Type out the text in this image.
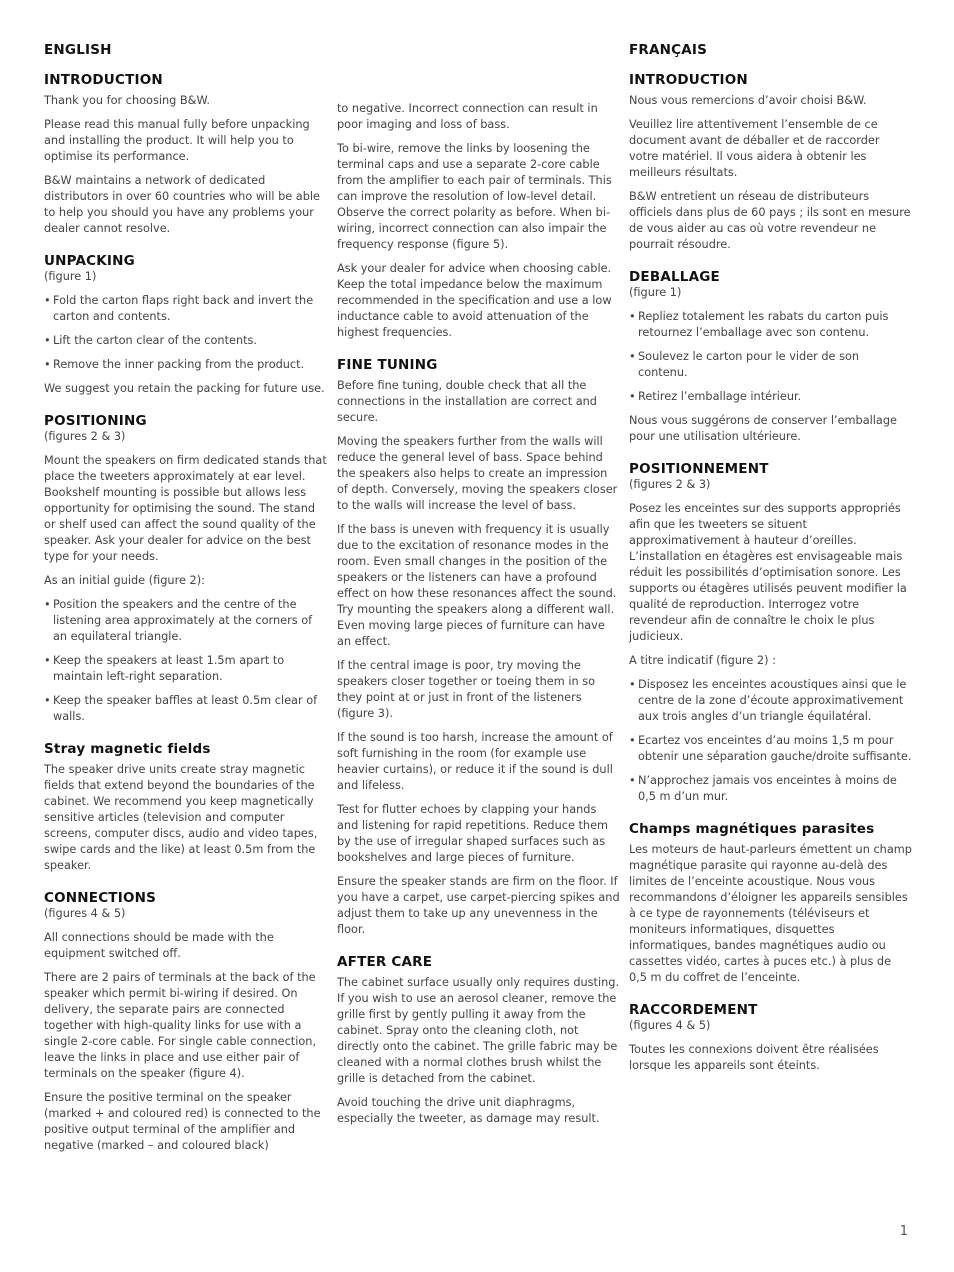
ENGLISH
INTRODUCTION

Thank you for choosing B&W.

Please read this manual fully before unpacking and installing the product. It will help you to optimise its performance.

B&W maintains a network of dedicated distributors in over 60 countries who will be able to help you should you have any problems your dealer cannot resolve.

UNPACKING
(figure 1)
• Fold the carton flaps right back and invert the carton and contents.
• Lift the carton clear of the contents.
• Remove the inner packing from the product.

We suggest you retain the packing for future use.

POSITIONING
(figures 2 & 3)

Mount the speakers on firm dedicated stands that place the tweeters approximately at ear level. Bookshelf mounting is possible but allows less opportunity for optimising the sound. The stand or shelf used can affect the sound quality of the speaker. Ask your dealer for advice on the best type for your needs.

As an initial guide (figure 2):

• Position the speakers and the centre of the listening area approximately at the corners of an equilateral triangle.
• Keep the speakers at least 1.5m apart to maintain left-right separation.
• Keep the speaker baffles at least 0.5m clear of walls.
Stray magnetic fields

The speaker drive units create stray magnetic fields that extend beyond the boundaries of the cabinet. We recommend you keep magnetically sensitive articles (television and computer screens, computer discs, audio and video tapes, swipe cards and the like) at least 0.5m from the speaker.

CONNECTIONS
(figures 4 & 5)

All connections should be made with the equipment switched off.

There are 2 pairs of terminals at the back of the speaker which permit bi-wiring if desired. On delivery, the separate pairs are connected together with high-quality links for use with a single 2-core cable. For single cable connection, leave the links in place and use either pair of terminals on the speaker (figure 4).

Ensure the positive terminal on the speaker (marked + and coloured red) is connected to the positive output terminal of the amplifier and negative (marked – and coloured black)

to negative. Incorrect connection can result in poor imaging and loss of bass.

To bi-wire, remove the links by loosening the terminal caps and use a separate 2-core cable from the amplifier to each pair of terminals. This can improve the resolution of low-level detail. Observe the correct polarity as before. When bi-wiring, incorrect connection can also impair the frequency response (figure 5).

Ask your dealer for advice when choosing cable. Keep the total impedance below the maximum recommended in the specification and use a low inductance cable to avoid attenuation of the highest frequencies.

FINE TUNING

Before fine tuning, double check that all the connections in the installation are correct and secure.

Moving the speakers further from the walls will reduce the general level of bass. Space behind the speakers also helps to create an impression of depth. Conversely, moving the speakers closer to the walls will increase the level of bass.

If the bass is uneven with frequency it is usually due to the excitation of resonance modes in the room. Even small changes in the position of the speakers or the listeners can have a profound effect on how these resonances affect the sound. Try mounting the speakers along a different wall. Even moving large pieces of furniture can have an effect.

If the central image is poor, try moving the speakers closer together or toeing them in so they point at or just in front of the listeners (figure 3).

If the sound is too harsh, increase the amount of soft furnishing in the room (for example use heavier curtains), or reduce it if the sound is dull and lifeless.

Test for flutter echoes by clapping your hands and listening for rapid repetitions. Reduce them by the use of irregular shaped surfaces such as bookshelves and large pieces of furniture.

Ensure the speaker stands are firm on the floor. If you have a carpet, use carpet-piercing spikes and adjust them to take up any unevenness in the floor.

AFTER CARE

The cabinet surface usually only requires dusting. If you wish to use an aerosol cleaner, remove the grille first by gently pulling it away from the cabinet. Spray onto the cleaning cloth, not directly onto the cabinet. The grille fabric may be cleaned with a normal clothes brush whilst the grille is detached from the cabinet.

Avoid touching the drive unit diaphragms, especially the tweeter, as damage may result.

FRANÇAIS
INTRODUCTION

Nous vous remercions d’avoir choisi B&W.

Veuillez lire attentivement l’ensemble de ce document avant de déballer et de raccorder votre matériel. Il vous aidera à obtenir les meilleurs résultats.

B&W entretient un réseau de distributeurs officiels dans plus de 60 pays ; ils sont en mesure de vous aider au cas où votre revendeur ne pourrait résoudre.

DEBALLAGE
(figure 1)
• Repliez totalement les rabats du carton puis retournez l’emballage avec son contenu.
• Soulevez le carton pour le vider de son contenu.
• Retirez l’emballage intérieur.

Nous vous suggérons de conserver l’emballage pour une utilisation ultérieure.

POSITIONNEMENT
(figures 2 & 3)

Posez les enceintes sur des supports appropriés afin que les tweeters se situent approximativement à hauteur d’oreilles. L’installation en étagères est envisageable mais réduit les possibilités d’optimisation sonore. Les supports ou étagères utilisés peuvent modifier la qualité de reproduction. Interrogez votre revendeur afin de connaître le choix le plus judicieux.

A titre indicatif (figure 2) :

• Disposez les enceintes acoustiques ainsi que le centre de la zone d’écoute approximativement aux trois angles d’un triangle équilatéral.
• Ecartez vos enceintes d’au moins 1,5 m pour obtenir une séparation gauche/droite suffisante.
• N’approchez jamais vos enceintes à moins de 0,5 m d’un mur.
Champs magnétiques parasites

Les moteurs de haut-parleurs émettent un champ magnétique parasite qui rayonne au-delà des limites de l’enceinte acoustique. Nous vous recommandons d’éloigner les appareils sensibles à ce type de rayonnements (téléviseurs et moniteurs informatiques, disquettes informatiques, bandes magnétiques audio ou cassettes vidéo, cartes à puces etc.) à plus de 0,5 m du coffret de l’enceinte.

RACCORDEMENT
(figures 4 & 5)

Toutes les connexions doivent être réalisées lorsque les appareils sont éteints.

1
